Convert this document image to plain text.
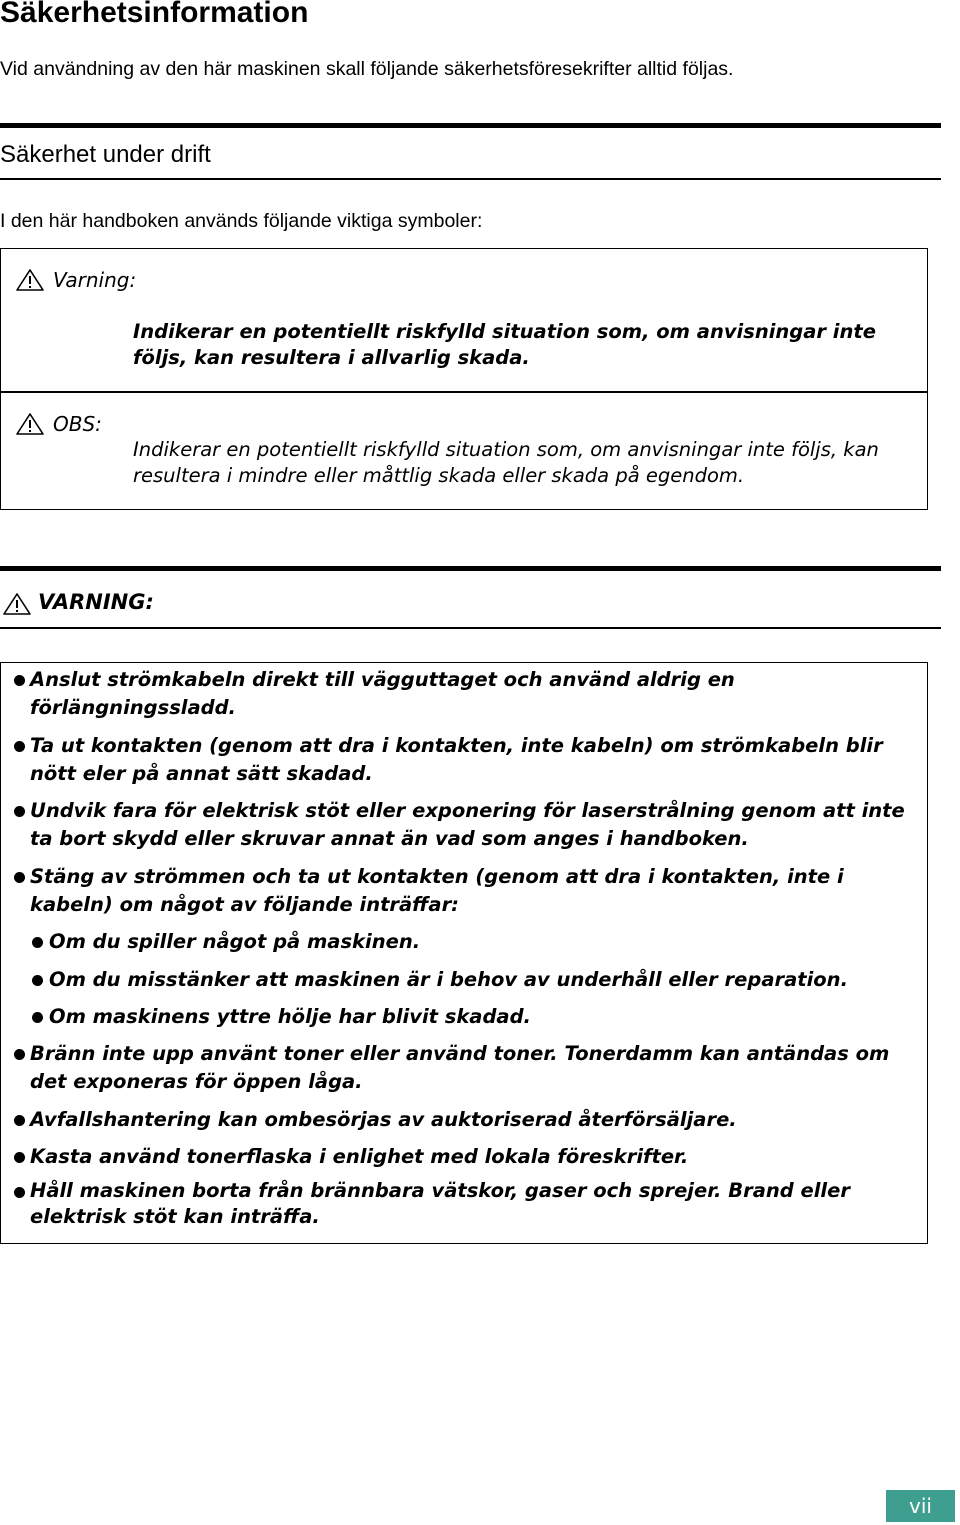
Säkerhetsinformation
Vid användning av den här maskinen skall följande säkerhetsföresekrifter alltid följas.
Säkerhet under drift
I den här handboken används följande viktiga symboler:
Varning:
Indikerar en potentiellt riskfylld situation som, om anvisningar inte följs, kan resultera i allvarlig skada.
OBS:
Indikerar en potentiellt riskfylld situation som, om anvisningar inte följs, kan resultera i mindre eller måttlig skada eller skada på egendom.
VARNING:
Anslut strömkabeln direkt till vägguttaget och använd aldrig en förlängningssladd.
Ta ut kontakten (genom att dra i kontakten, inte kabeln) om strömkabeln blir nött eler på annat sätt skadad.
Undvik fara för elektrisk stöt eller exponering för laserstrålning genom att inte ta bort skydd eller skruvar annat än vad som anges i handboken.
Stäng av strömmen och ta ut kontakten (genom att dra i kontakten, inte i kabeln) om något av följande inträffar:
Om du spiller något på maskinen.
Om du misstänker att maskinen är i behov av underhåll eller reparation.
Om maskinens yttre hölje har blivit skadad.
Bränn inte upp använt toner eller använd toner. Tonerdamm kan antändas om det exponeras för öppen låga.
Avfallshantering kan ombesörjas av auktoriserad återförsäljare.
Kasta använd tonerflaska i enlighet med lokala föreskrifter.
Håll maskinen borta från brännbara vätskor, gaser och sprejer. Brand eller elektrisk stöt kan inträffa.
vii
